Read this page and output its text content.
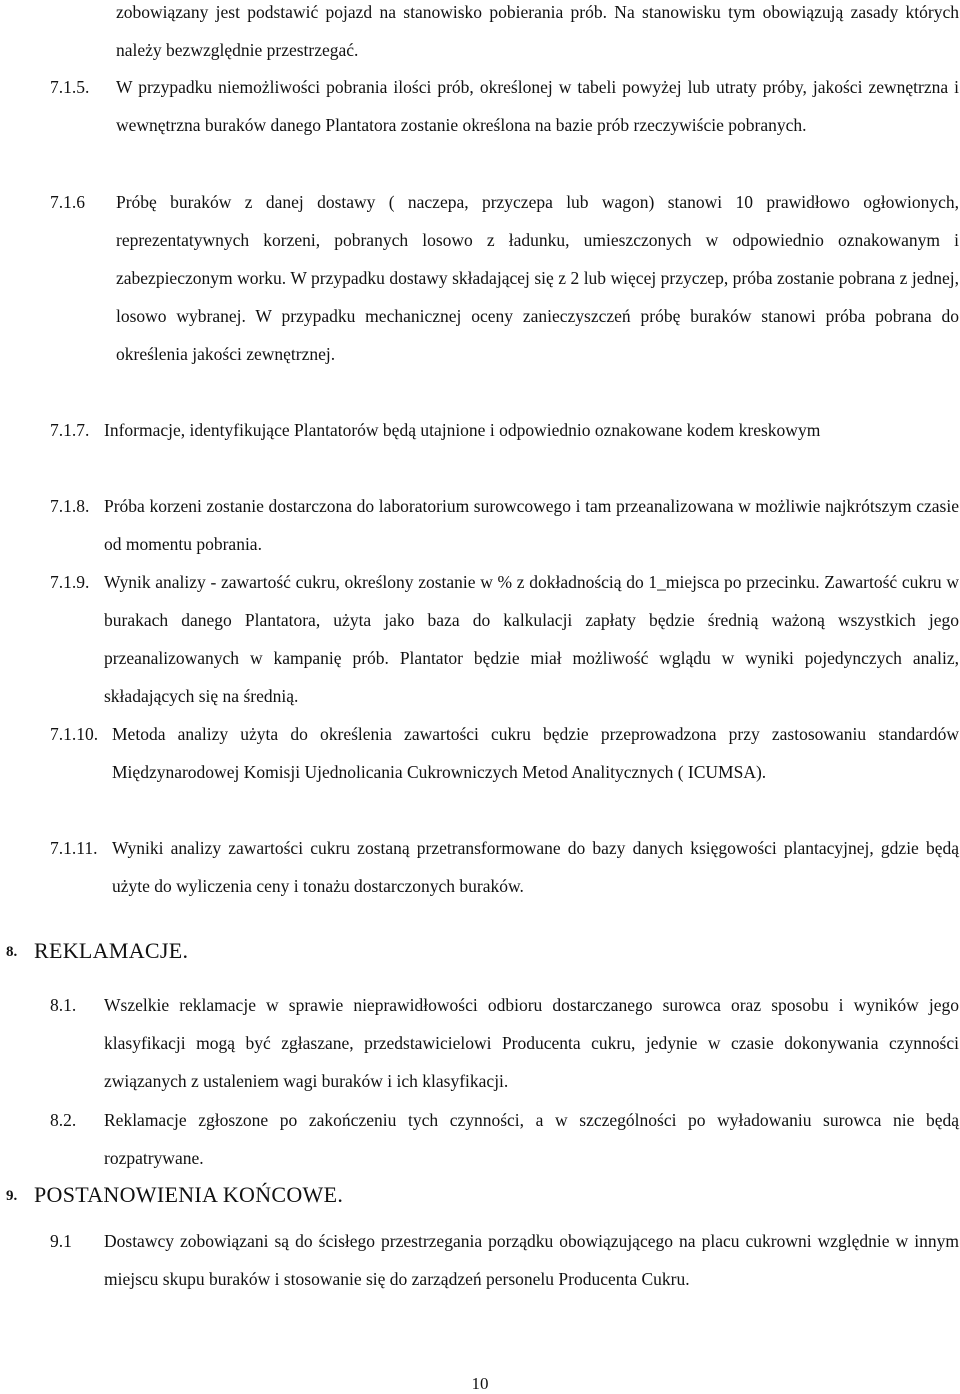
zobowiązany jest podstawić pojazd na stanowisko pobierania prób. Na stanowisku tym obowiązują zasady których należy bezwzględnie przestrzegać.
7.1.5. W przypadku niemożliwości pobrania ilości prób, określonej w tabeli powyżej lub utraty próby, jakości zewnętrzna i wewnętrzna buraków danego Plantatora zostanie określona na bazie prób rzeczywiście pobranych.
7.1.6 Próbę buraków z danej dostawy ( naczepa, przyczepa lub wagon) stanowi 10 prawidłowo ogłowionych, reprezentatywnych korzeni, pobranych losowo z ładunku, umieszczonych w odpowiednio oznakowanym i zabezpieczonym worku. W przypadku dostawy składającej się z 2 lub więcej przyczep, próba zostanie pobrana z jednej, losowo wybranej. W przypadku mechanicznej oceny zanieczyszczeń próbę buraków stanowi próba pobrana do określenia jakości zewnętrznej.
7.1.7. Informacje, identyfikujące Plantatorów będą utajnione i odpowiednio oznakowane kodem kreskowym
7.1.8. Próba korzeni zostanie dostarczona do laboratorium surowcowego i tam przeanalizowana w możliwie najkrótszym czasie od momentu pobrania.
7.1.9. Wynik analizy - zawartość cukru, określony zostanie w % z dokładnością do 1_miejsca po przecinku. Zawartość cukru w burakach danego Plantatora, użyta jako baza do kalkulacji zapłaty będzie średnią ważoną wszystkich jego przeanalizowanych w kampanię prób. Plantator będzie miał możliwość wglądu w wyniki pojedynczych analiz, składających się na średnią.
7.1.10. Metoda analizy użyta do określenia zawartości cukru będzie przeprowadzona przy zastosowaniu standardów Międzynarodowej Komisji Ujednolicania Cukrowniczych Metod Analitycznych ( ICUMSA).
7.1.11. Wyniki analizy zawartości cukru zostaną przetransformowane do bazy danych księgowości plantacyjnej, gdzie będą użyte do wyliczenia ceny i tonażu dostarczonych buraków.
8. REKLAMACJE.
8.1. Wszelkie reklamacje w sprawie nieprawidłowości odbioru dostarczanego surowca oraz sposobu i wyników jego klasyfikacji mogą być zgłaszane, przedstawicielowi Producenta cukru, jedynie w czasie dokonywania czynności związanych z ustaleniem wagi buraków i ich klasyfikacji.
8.2. Reklamacje zgłoszone po zakończeniu tych czynności, a w szczególności po wyładowaniu surowca nie będą rozpatrywane.
9. POSTANOWIENIA KOŃCOWE.
9.1 Dostawcy zobowiązani są do ścisłego przestrzegania porządku obowiązującego na placu cukrowni względnie w innym miejscu skupu buraków i stosowanie się do zarządzeń personelu Producenta Cukru.
10
